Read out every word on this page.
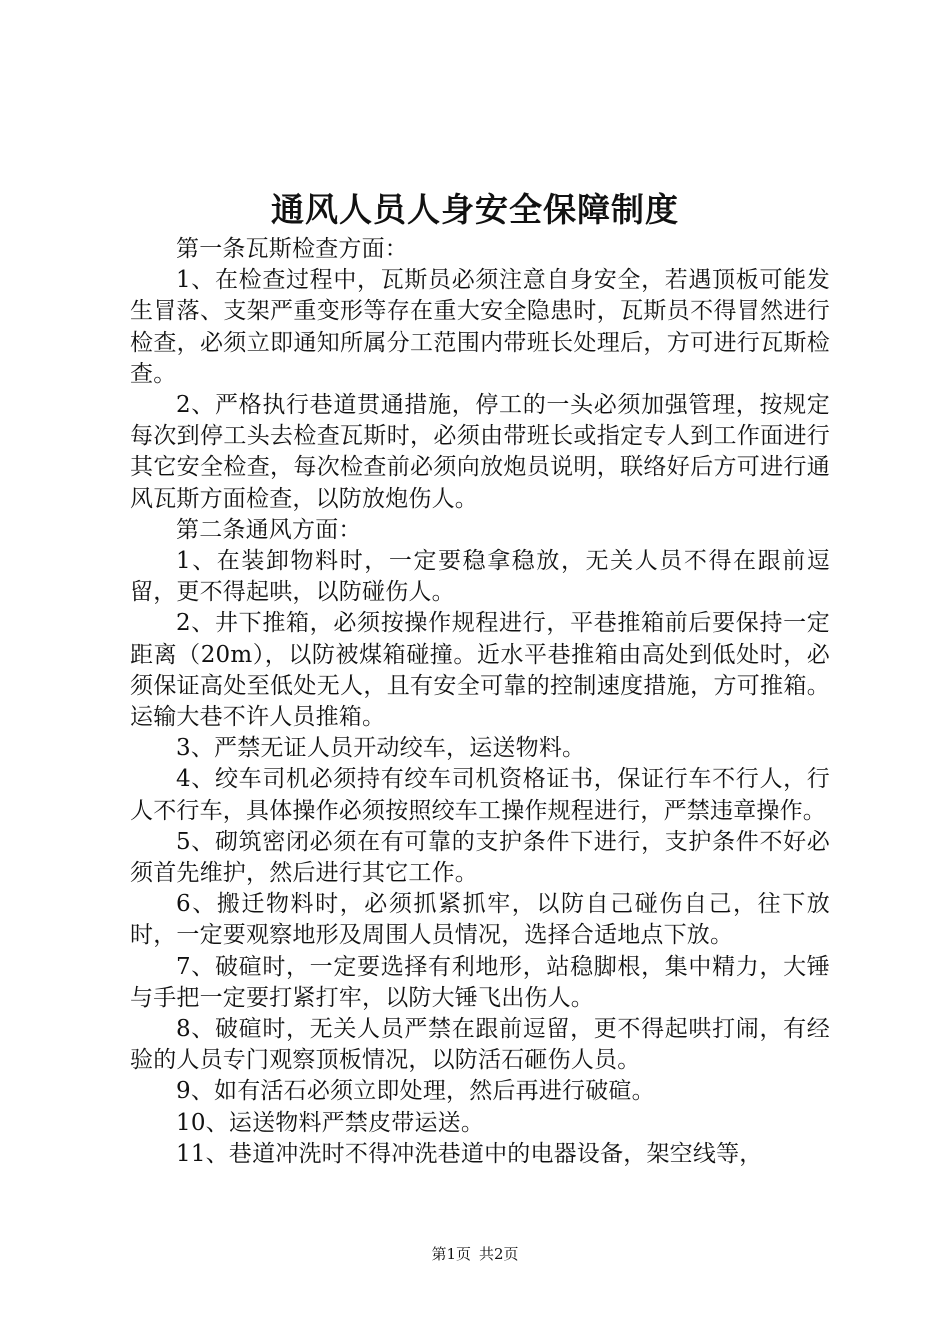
通风人员人身安全保障制度

第一条瓦斯检查方面：

1、在检查过程中，瓦斯员必须注意自身安全，若遇顶板可能发生冒落、支架严重变形等存在重大安全隐患时，瓦斯员不得冒然进行检查，必须立即通知所属分工范围内带班长处理后，方可进行瓦斯检查。

2、严格执行巷道贯通措施，停工的一头必须加强管理，按规定每次到停工头去检查瓦斯时，必须由带班长或指定专人到工作面进行其它安全检查，每次检查前必须向放炮员说明，联络好后方可进行通风瓦斯方面检查，以防放炮伤人。

第二条通风方面：

1、在装卸物料时，一定要稳拿稳放，无关人员不得在跟前逗留，更不得起哄，以防碰伤人。

2、井下推箱，必须按操作规程进行，平巷推箱前后要保持一定距离（20m），以防被煤箱碰撞。近水平巷推箱由高处到低处时，必须保证高处至低处无人，且有安全可靠的控制速度措施，方可推箱。运输大巷不许人员推箱。

3、严禁无证人员开动绞车，运送物料。

4、绞车司机必须持有绞车司机资格证书，保证行车不行人，行人不行车，具体操作必须按照绞车工操作规程进行，严禁违章操作。

5、砌筑密闭必须在有可靠的支护条件下进行，支护条件不好必须首先维护，然后进行其它工作。

6、搬迁物料时，必须抓紧抓牢，以防自己碰伤自己，往下放时，一定要观察地形及周围人员情况，选择合适地点下放。

7、破碹时，一定要选择有利地形，站稳脚根，集中精力，大锤与手把一定要打紧打牢，以防大锤飞出伤人。

8、破碹时，无关人员严禁在跟前逗留，更不得起哄打闹，有经验的人员专门观察顶板情况，以防活石砸伤人员。

9、如有活石必须立即处理，然后再进行破碹。

10、运送物料严禁皮带运送。

11、巷道冲洗时不得冲洗巷道中的电器设备，架空线等，

第1页 共2页
